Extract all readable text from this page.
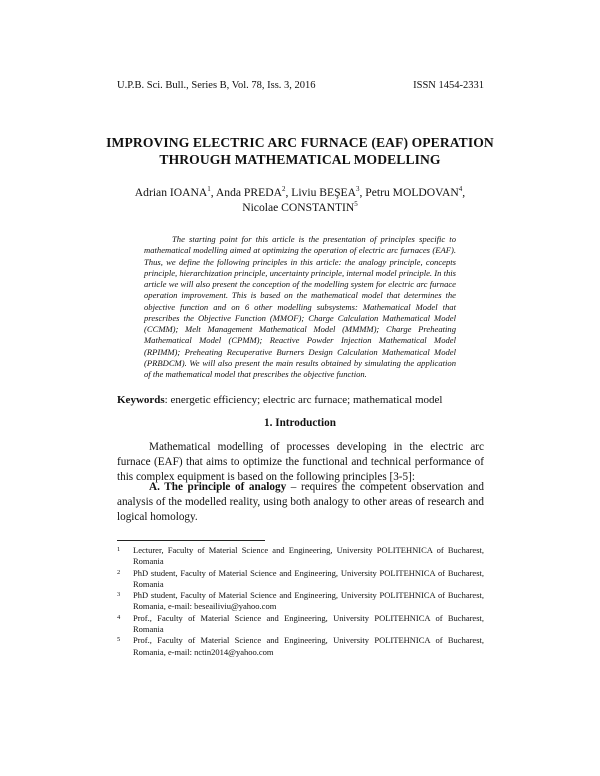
U.P.B. Sci. Bull., Series B, Vol. 78, Iss. 3, 2016	ISSN 1454-2331
IMPROVING ELECTRIC ARC FURNACE (EAF) OPERATION
THROUGH MATHEMATICAL MODELLING
Adrian IOANA$^1$, Anda PREDA$^2$, Liviu BEŞEA$^3$, Petru MOLDOVAN$^4$,
Nicolae CONSTANTIN$^5$
The starting point for this article is the presentation of principles specific to mathematical modelling aimed at optimizing the operation of electric arc furnaces (EAF). Thus, we define the following principles in this article: the analogy principle, concepts principle, hierarchization principle, uncertainty principle, internal model principle. In this article we will also present the conception of the modelling system for electric arc furnace operation improvement. This is based on the mathematical model that determines the objective function and on 6 other modelling subsystems: Mathematical Model that prescribes the Objective Function (MMOF); Charge Calculation Mathematical Model (CCMM); Melt Management Mathematical Model (MMMM); Charge Preheating Mathematical Model (CPMM); Reactive Powder Injection Mathematical Model (RPIMM); Preheating Recuperative Burners Design Calculation Mathematical Model (PRBDCM). We will also present the main results obtained by simulating the application of the mathematical model that prescribes the objective function.
Keywords: energetic efficiency; electric arc furnace; mathematical model
1. Introduction
Mathematical modelling of processes developing in the electric arc furnace (EAF) that aims to optimize the functional and technical performance of this complex equipment is based on the following principles [3-5]:
A. The principle of analogy – requires the competent observation and analysis of the modelled reality, using both analogy to other areas of research and logical homology.
1 Lecturer, Faculty of Material Science and Engineering, University POLITEHNICA of Bucharest, Romania
2 PhD student, Faculty of Material Science and Engineering, University POLITEHNICA of Bucharest, Romania
3 PhD student, Faculty of Material Science and Engineering, University POLITEHNICA of Bucharest, Romania, e-mail: beseailiviu@yahoo.com
4 Prof., Faculty of Material Science and Engineering, University POLITEHNICA of Bucharest, Romania
5 Prof., Faculty of Material Science and Engineering, University POLITEHNICA of Bucharest, Romania, e-mail: nctin2014@yahoo.com
